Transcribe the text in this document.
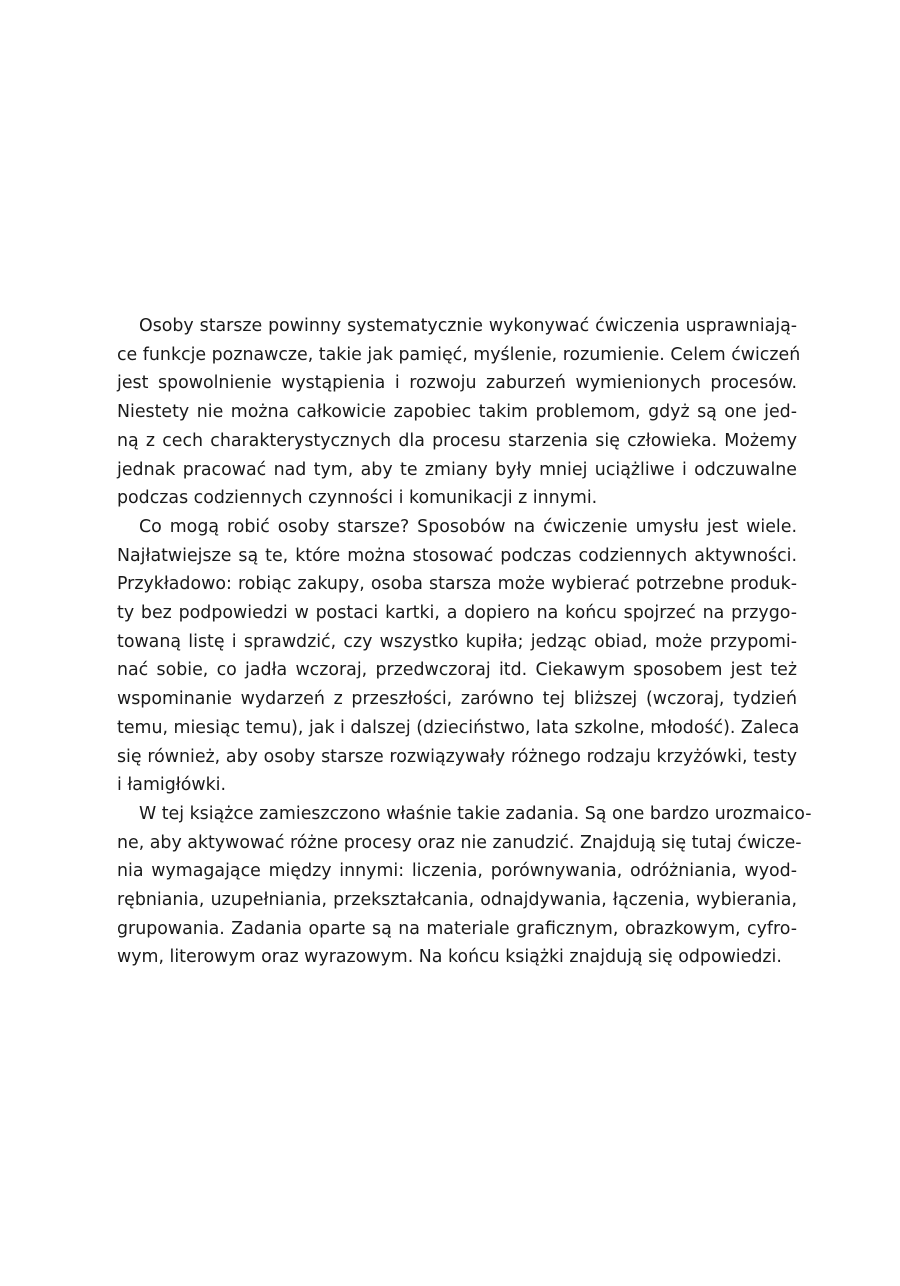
Osoby starsze powinny systematycznie wykonywać ćwiczenia usprawniają-
ce funkcje poznawcze, takie jak pamięć, myślenie, rozumienie. Celem ćwiczeń
jest spowolnienie wystąpienia i rozwoju zaburzeń wymienionych procesów.
Niestety nie można całkowicie zapobiec takim problemom, gdyż są one jed-
ną z cech charakterystycznych dla procesu starzenia się człowieka. Możemy
jednak pracować nad tym, aby te zmiany były mniej uciążliwe i odczuwalne
podczas codziennych czynności i komunikacji z innymi.

Co mogą robić osoby starsze? Sposobów na ćwiczenie umysłu jest wiele.
Najłatwiejsze są te, które można stosować podczas codziennych aktywności.
Przykładowo: robiąc zakupy, osoba starsza może wybierać potrzebne produk-
ty bez podpowiedzi w postaci kartki, a dopiero na końcu spojrzeć na przygo-
towaną listę i sprawdzić, czy wszystko kupiła; jedząc obiad, może przypomi-
nać sobie, co jadła wczoraj, przedwczoraj itd. Ciekawym sposobem jest też
wspominanie wydarzeń z przeszłości, zarówno tej bliższej (wczoraj, tydzień
temu, miesiąc temu), jak i dalszej (dzieciństwo, lata szkolne, młodość). Zaleca
się również, aby osoby starsze rozwiązywały różnego rodzaju krzyżówki, testy
i łamigłówki.

W tej książce zamieszczono właśnie takie zadania. Są one bardzo urozmaico-
ne, aby aktywować różne procesy oraz nie zanudzić. Znajdują się tutaj ćwicze-
nia wymagające między innymi: liczenia, porównywania, odróżniania, wyod-
rębniania, uzupełniania, przekształcania, odnajdywania, łączenia, wybierania,
grupowania. Zadania oparte są na materiale graficznym, obrazkowym, cyfro-
wym, literowym oraz wyrazowym. Na końcu książki znajdują się odpowiedzi.
